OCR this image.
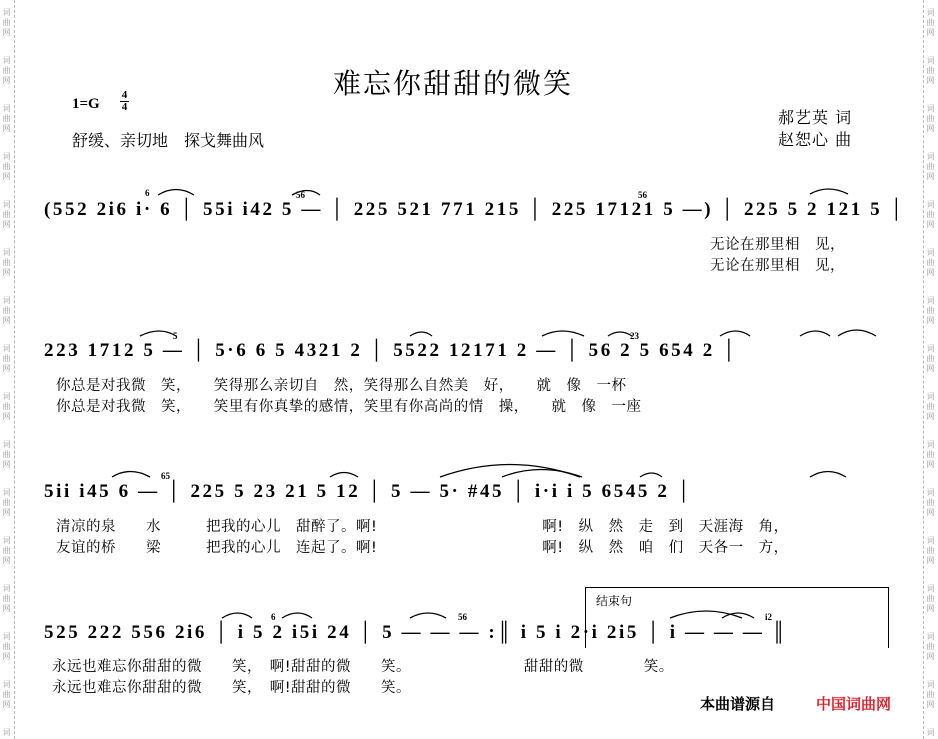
词
曲
网
词
曲
网
词
曲
网
词
曲
网
词
曲
网
词
曲
网
词
曲
网
词
曲
网
词
曲
网
词
曲
网
词
曲
网
词
曲
网
词
曲
网
词
曲
网
词
曲
网
词
词
曲
网
词
曲
网
词
曲
网
词
曲
网
词
曲
网
词
曲
网
词
曲
网
词
曲
网
词
曲
网
词
曲
网
词
曲
网
词
曲
网
词
曲
网
词
曲
网
词
曲
网
词
难忘你甜甜的微笑
1=G
4
4
舒缓、亲切地　探戈舞曲风
郝艺英 词
赵恕心 曲
(552 2i6 i· 6 │ 55i i42 5 — │ 225 521 771 215 │ 225 17121 5 —) │ 225 5 2 121 5 │
无论在那里相　见，
无论在那里相　见，
223 1712 5 — │ 5·6 6 5 4321 2 │ 5522 12171 2 — │ 56 2 5 654 2 │
你总是对我微　笑，　　笑得那么亲切自　然，笑得那么自然美　好，　　就　像　一杯
你总是对我微　笑，　　笑里有你真挚的感情，笑里有你高尚的情　操，　　就　像　一座
5ii i45 6 — │ 225 5 23 21 5 12 │ 5 — 5· #45 │ i·i i 5 6545 2 │
清凉的泉　　水　　　把我的心儿　甜醉了。啊!　　　　　　　　　　　啊!　纵　然　走　到　天涯海　角，
友谊的桥　　梁　　　把我的心儿　连起了。啊!　　　　　　　　　　　啊!　纵　然　咱　们　天各一　方，
结束句
525 222 556 2i6 │ i 5 2 i5i 24 │ 5 — — — :║ i 5 i 2·i 2i5 │ i — — — ║
永远也难忘你甜甜的微　　笑，　啊!甜甜的微　　笑。　　　　　　　　甜甜的微　　　　笑。
永远也难忘你甜甜的微　　笑，　啊!甜甜的微　　笑。
6	56	56
5	23
65
6	56	i2
本曲谱源自	中国词曲网
